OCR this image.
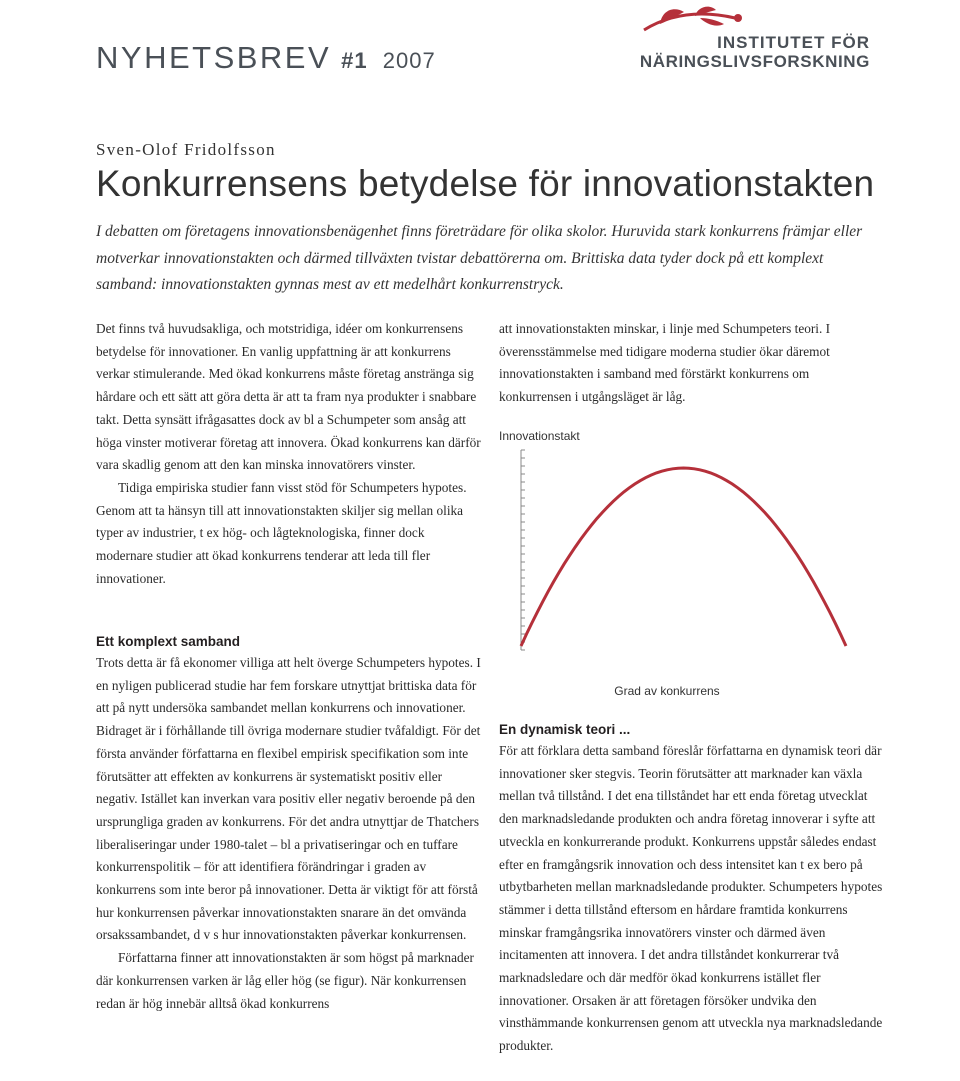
NYHETSBREV #1 2007
INSTITUTET FÖR
NÄRINGSLIVSFORSKNING
Sven-Olof Fridolfsson
Konkurrensens betydelse för innovationstakten
I debatten om företagens innovationsbenägenhet finns företrädare för olika skolor. Huruvida stark konkurrens främjar eller motverkar innovationstakten och därmed tillväxten tvistar debattörerna om. Brittiska data tyder dock på ett komplext samband: innovationstakten gynnas mest av ett medelhårt konkurrenstryck.

Det finns två huvudsakliga, och motstridiga, idéer om konkurrensens betydelse för innovationer. En vanlig uppfattning är att konkurrens verkar stimulerande. Med ökad konkurrens måste företag anstränga sig hårdare och ett sätt att göra detta är att ta fram nya produkter i snabbare takt. Detta synsätt ifrågasattes dock av bl a Schumpeter som ansåg att höga vinster motiverar företag att innovera. Ökad konkurrens kan därför vara skadlig genom att den kan minska innovatörers vinster.

Tidiga empiriska studier fann visst stöd för Schumpeters hypotes. Genom att ta hänsyn till att innovationstakten skiljer sig mellan olika typer av industrier, t ex hög- och lågteknologiska, finner dock modernare studier att ökad konkurrens tenderar att leda till fler innovationer.

Ett komplext samband

Trots detta är få ekonomer villiga att helt överge Schumpeters hypotes. I en nyligen publicerad studie har fem forskare utnyttjat brittiska data för att på nytt undersöka sambandet mellan konkurrens och innovationer. Bidraget är i förhållande till övriga modernare studier tvåfaldigt. För det första använder författarna en flexibel empirisk specifikation som inte förutsätter att effekten av konkurrens är systematiskt positiv eller negativ. Istället kan inverkan vara positiv eller negativ beroende på den ursprungliga graden av konkurrens. För det andra utnyttjar de Thatchers liberaliseringar under 1980-talet – bl a privatiseringar och en tuffare konkurrenspolitik – för att identifiera förändringar i graden av konkurrens som inte beror på innovationer. Detta är viktigt för att förstå hur konkurrensen påverkar innovationstakten snarare än det omvända orsakssambandet, d v s hur innovationstakten påverkar konkurrensen.

Författarna finner att innovationstakten är som högst på marknader där konkurrensen varken är låg eller hög (se figur). När konkurrensen redan är hög innebär alltså ökad konkurrens

att innovationstakten minskar, i linje med Schumpeters teori. I överensstämmelse med tidigare moderna studier ökar däremot innovationstakten i samband med förstärkt konkurrens om konkurrensen i utgångsläget är låg.

Innovationstakt
Grad av konkurrens
En dynamisk teori ...

För att förklara detta samband föreslår författarna en dynamisk teori där innovationer sker stegvis. Teorin förutsätter att marknader kan växla mellan två tillstånd. I det ena tillståndet har ett enda företag utvecklat den marknadsledande produkten och andra företag innoverar i syfte att utveckla en konkurrerande produkt. Konkurrens uppstår således endast efter en framgångsrik innovation och dess intensitet kan t ex bero på utbytbarheten mellan marknadsledande produkter. Schumpeters hypotes stämmer i detta tillstånd eftersom en hårdare framtida konkurrens minskar framgångsrika innovatörers vinster och därmed även incitamenten att innovera. I det andra tillståndet konkurrerar två marknadsledare och där medför ökad konkurrens istället fler innovationer. Orsaken är att företagen försöker undvika den vinsthämmande konkurrensen genom att utveckla nya marknadsledande produkter.
